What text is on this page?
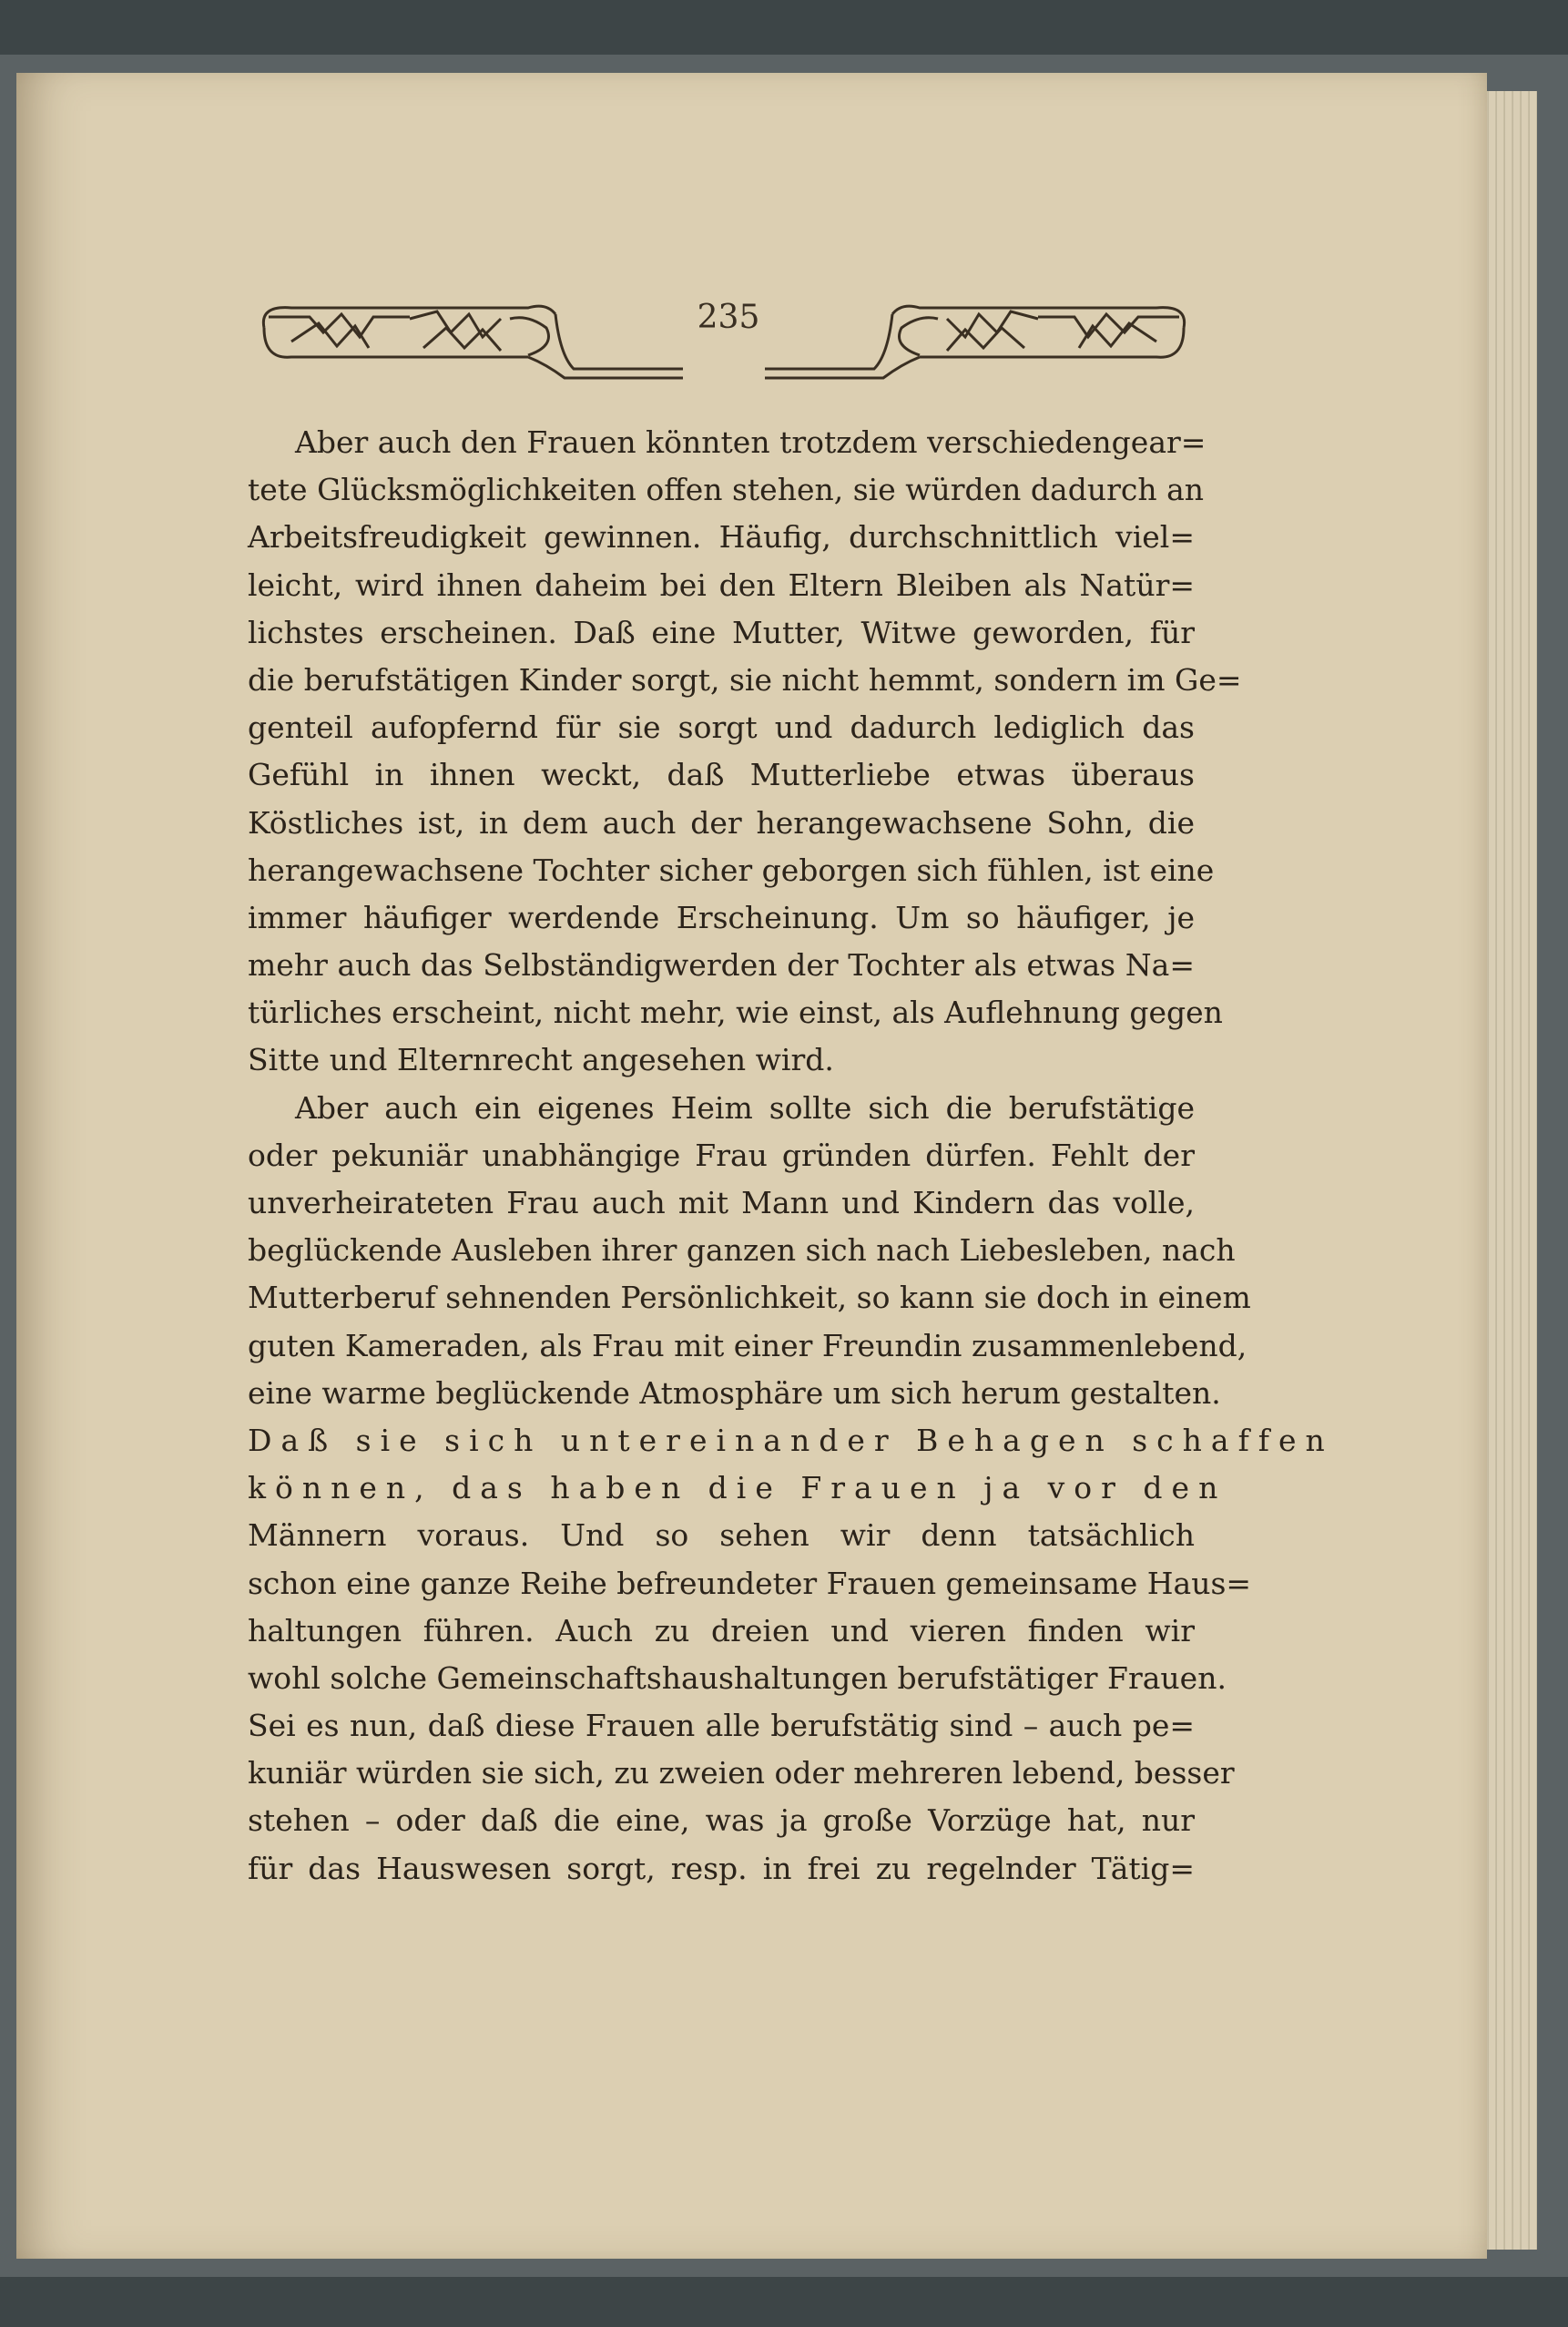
235
Aber auch den Frauen könnten trotzdem verschiedengear=
tete Glücksmöglichkeiten offen stehen, sie würden dadurch an
Arbeitsfreudigkeit gewinnen. Häufig, durchschnittlich viel=
leicht, wird ihnen daheim bei den Eltern Bleiben als Natür=
lichstes erscheinen. Daß eine Mutter, Witwe geworden, für
die berufstätigen Kinder sorgt, sie nicht hemmt, sondern im Ge=
genteil aufopfernd für sie sorgt und dadurch lediglich das
Gefühl in ihnen weckt, daß Mutterliebe etwas überaus
Köstliches ist, in dem auch der herangewachsene Sohn, die
herangewachsene Tochter sicher geborgen sich fühlen, ist eine
immer häufiger werdende Erscheinung. Um so häufiger, je
mehr auch das Selbständigwerden der Tochter als etwas Na=
türliches erscheint, nicht mehr, wie einst, als Auflehnung gegen
Sitte und Elternrecht angesehen wird.
Aber auch ein eigenes Heim sollte sich die berufstätige
oder pekuniär unabhängige Frau gründen dürfen. Fehlt der
unverheirateten Frau auch mit Mann und Kindern das volle,
beglückende Ausleben ihrer ganzen sich nach Liebesleben, nach
Mutterberuf sehnenden Persönlichkeit, so kann sie doch in einem
guten Kameraden, als Frau mit einer Freundin zusammenlebend,
eine warme beglückende Atmosphäre um sich herum gestalten.
Daß sie sich untereinander Behagen schaffen
können, das haben die Frauen ja vor den
Männern voraus. Und so sehen wir denn tatsächlich
schon eine ganze Reihe befreundeter Frauen gemeinsame Haus=
haltungen führen. Auch zu dreien und vieren finden wir
wohl solche Gemeinschaftshaushaltungen berufstätiger Frauen.
Sei es nun, daß diese Frauen alle berufstätig sind – auch pe=
kuniär würden sie sich, zu zweien oder mehreren lebend, besser
stehen – oder daß die eine, was ja große Vorzüge hat, nur
für das Hauswesen sorgt, resp. in frei zu regelnder Tätig=
